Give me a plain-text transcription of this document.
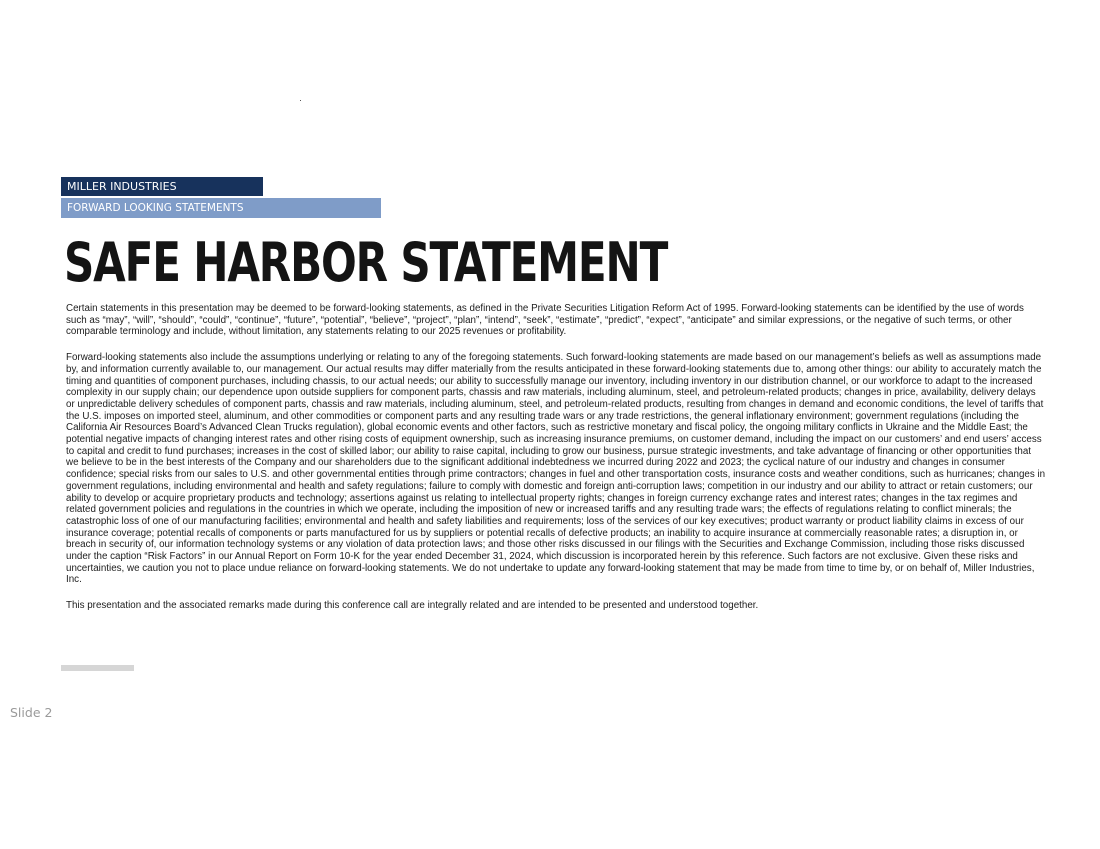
MILLER INDUSTRIES
FORWARD LOOKING STATEMENTS
SAFE HARBOR STATEMENT

Certain statements in this presentation may be deemed to be forward-looking statements, as defined in the Private Securities Litigation Reform Act of 1995. Forward-looking statements can be identified by the use of words such as “may”, “will”, “should”, “could”, “continue”, “future”, “potential”, “believe”, “project”, “plan”, “intend”, “seek”, “estimate”, “predict”, “expect”, “anticipate” and similar expressions, or the negative of such terms, or other comparable terminology and include, without limitation, any statements relating to our 2025 revenues or profitability.

Forward-looking statements also include the assumptions underlying or relating to any of the foregoing statements. Such forward-looking statements are made based on our management’s beliefs as well as assumptions made by, and information currently available to, our management. Our actual results may differ materially from the results anticipated in these forward-looking statements due to, among other things: our ability to accurately match the timing and quantities of component purchases, including chassis, to our actual needs; our ability to successfully manage our inventory, including inventory in our distribution channel, or our workforce to adapt to the increased complexity in our supply chain; our dependence upon outside suppliers for component parts, chassis and raw materials, including aluminum, steel, and petroleum-related products; changes in price, availability, delivery delays or unpredictable delivery schedules of component parts, chassis and raw materials, including aluminum, steel, and petroleum-related products, resulting from changes in demand and economic conditions, the level of tariffs that the U.S. imposes on imported steel, aluminum, and other commodities or component parts and any resulting trade wars or any trade restrictions, the general inflationary environment; government regulations (including the California Air Resources Board’s Advanced Clean Trucks regulation), global economic events and other factors, such as restrictive monetary and fiscal policy, the ongoing military conflicts in Ukraine and the Middle East; the potential negative impacts of changing interest rates and other rising costs of equipment ownership, such as increasing insurance premiums, on customer demand, including the impact on our customers’ and end users’ access to capital and credit to fund purchases; increases in the cost of skilled labor; our ability to raise capital, including to grow our business, pursue strategic investments, and take advantage of financing or other opportunities that we believe to be in the best interests of the Company and our shareholders due to the significant additional indebtedness we incurred during 2022 and 2023; the cyclical nature of our industry and changes in consumer confidence; special risks from our sales to U.S. and other governmental entities through prime contractors; changes in fuel and other transportation costs, insurance costs and weather conditions, such as hurricanes; changes in government regulations, including environmental and health and safety regulations; failure to comply with domestic and foreign anti-corruption laws; competition in our industry and our ability to attract or retain customers; our ability to develop or acquire proprietary products and technology; assertions against us relating to intellectual property rights; changes in foreign currency exchange rates and interest rates; changes in the tax regimes and related government policies and regulations in the countries in which we operate, including the imposition of new or increased tariffs and any resulting trade wars; the effects of regulations relating to conflict minerals; the catastrophic loss of one of our manufacturing facilities; environmental and health and safety liabilities and requirements; loss of the services of our key executives; product warranty or product liability claims in excess of our insurance coverage; potential recalls of components or parts manufactured for us by suppliers or potential recalls of defective products; an inability to acquire insurance at commercially reasonable rates; a disruption in, or breach in security of, our information technology systems or any violation of data protection laws; and those other risks discussed in our filings with the Securities and Exchange Commission, including those risks discussed under the caption “Risk Factors” in our Annual Report on Form 10-K for the year ended December 31, 2024, which discussion is incorporated herein by this reference. Such factors are not exclusive. Given these risks and uncertainties, we caution you not to place undue reliance on forward-looking statements. We do not undertake to update any forward-looking statement that may be made from time to time by, or on behalf of, Miller Industries, Inc.

This presentation and the associated remarks made during this conference call are integrally related and are intended to be presented and understood together.

Slide 2
